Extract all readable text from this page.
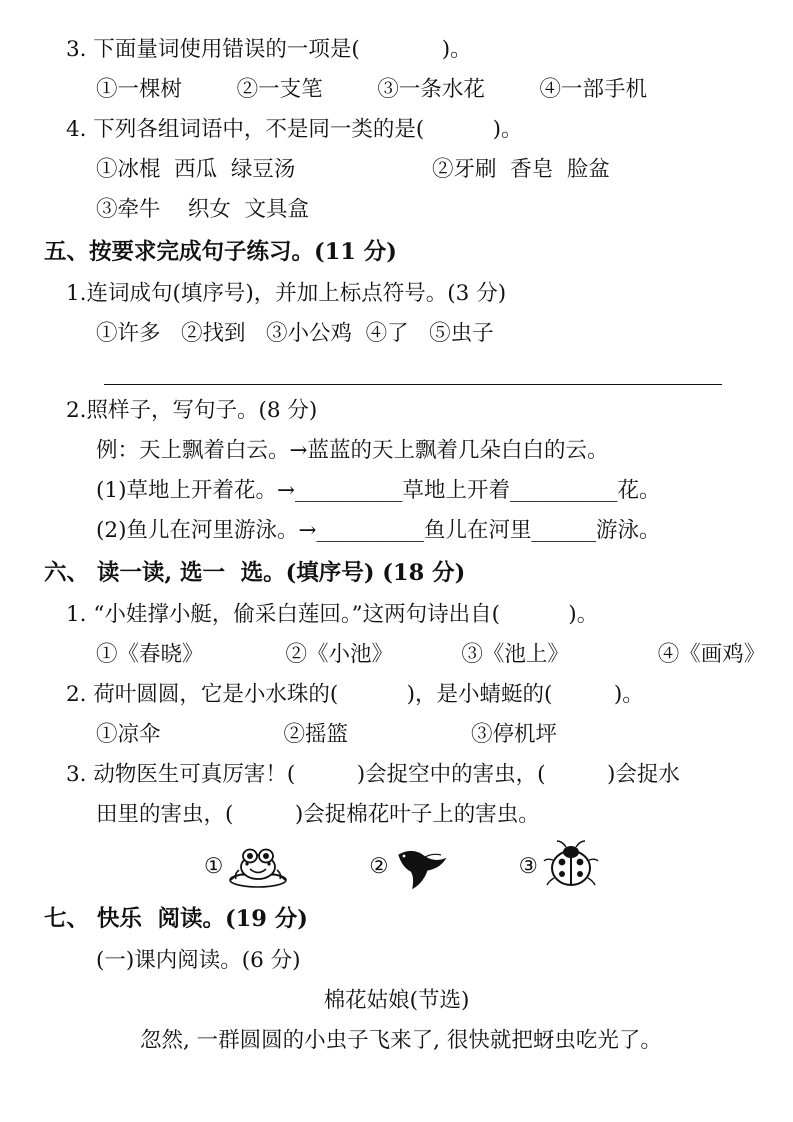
3. 下面量词使用错误的一项是(            )。
①一棵树        ②一支笔        ③一条水花        ④一部手机
4. 下列各组词语中，不是同一类的是(          )。
①冰棍  西瓜  绿豆汤                    ②牙刷  香皂  脸盆
③牵牛    织女  文具盒
五、按要求完成句子练习。(11 分)
1.连词成句(填序号)，并加上标点符号。(3 分)
①许多   ②找到   ③小公鸡  ④了   ⑤虫子
2.照样子，写句子。(8 分)
例：天上飘着白云。→蓝蓝的天上飘着几朵白白的云。
(1)草地上开着花。→__________草地上开着__________花。
(2)鱼儿在河里游泳。→__________鱼儿在河里______游泳。
六、 读一读, 选一  选。(填序号) (18 分)
1. “小娃撑小艇，偷采白莲回。”这两句诗出自(          )。
①《春晓》            ②《小池》          ③《池上》             ④《画鸡》
2. 荷叶圆圆，它是小水珠的(          )，是小蜻蜓的(         )。
①凉伞                  ②摇篮                  ③停机坪
3. 动物医生可真厉害！(         )会捉空中的害虫，(         )会捉水
田里的害虫，(         )会捉棉花叶子上的害虫。
①

	②

	③

七、 快乐  阅读。(19 分)
(一)课内阅读。(6 分)
棉花姑娘(节选)
忽然, 一群圆圆的小虫子飞来了, 很快就把蚜虫吃光了。
